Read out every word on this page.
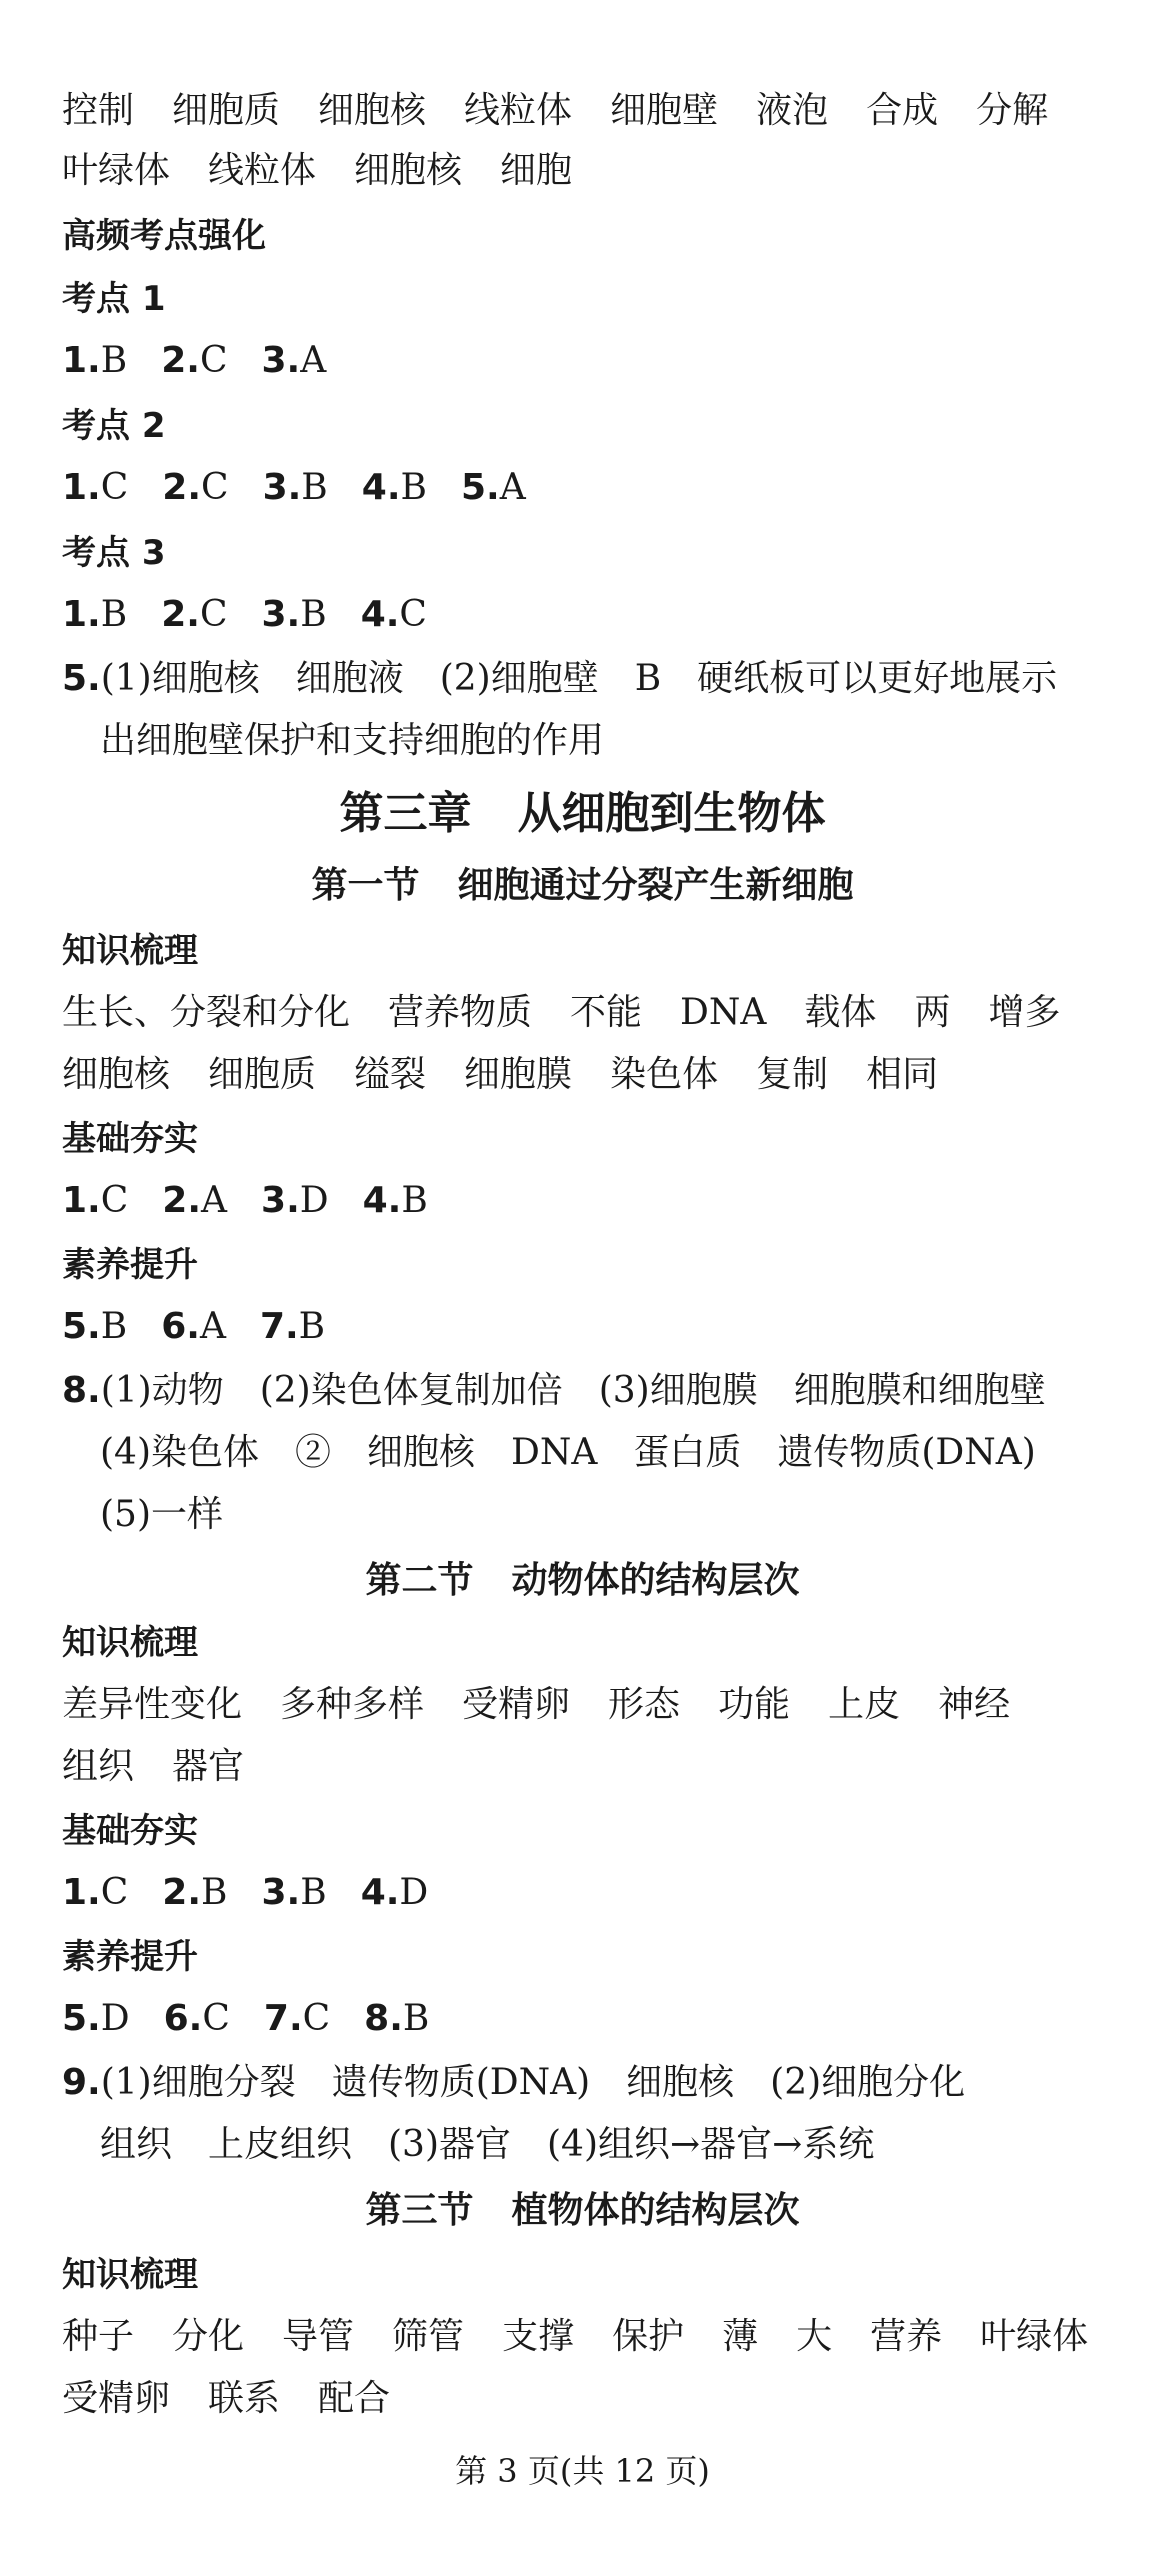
控制 细胞质 细胞核 线粒体 细胞壁 液泡 合成 分解
叶绿体 线粒体 细胞核 细胞
高频考点强化
考点 1
1.B 2.C 3.A
考点 2
1.C 2.C 3.B 4.B 5.A
考点 3
1.B 2.C 3.B 4.C
5.(1)细胞核　细胞液　(2)细胞壁　B　硬纸板可以更好地展示
出细胞壁保护和支持细胞的作用
第三章 从细胞到生物体
第一节 细胞通过分裂产生新细胞
知识梳理
生长、分裂和分化 营养物质 不能 DNA 载体 两 增多
细胞核 细胞质 缢裂 细胞膜 染色体 复制 相同
基础夯实
1.C 2.A 3.D 4.B
素养提升
5.B 6.A 7.B
8.(1)动物　(2)染色体复制加倍　(3)细胞膜　细胞膜和细胞壁
(4)染色体　②　细胞核　DNA　蛋白质　遗传物质(DNA)
(5)一样
第二节 动物体的结构层次
知识梳理
差异性变化 多种多样 受精卵 形态 功能 上皮 神经
组织 器官
基础夯实
1.C 2.B 3.B 4.D
素养提升
5.D 6.C 7.C 8.B
9.(1)细胞分裂　遗传物质(DNA)　细胞核　(2)细胞分化
组织　上皮组织　(3)器官　(4)组织→器官→系统
第三节 植物体的结构层次
知识梳理
种子 分化 导管 筛管 支撑 保护 薄 大 营养 叶绿体
受精卵 联系 配合
第 3 页(共 12 页)
